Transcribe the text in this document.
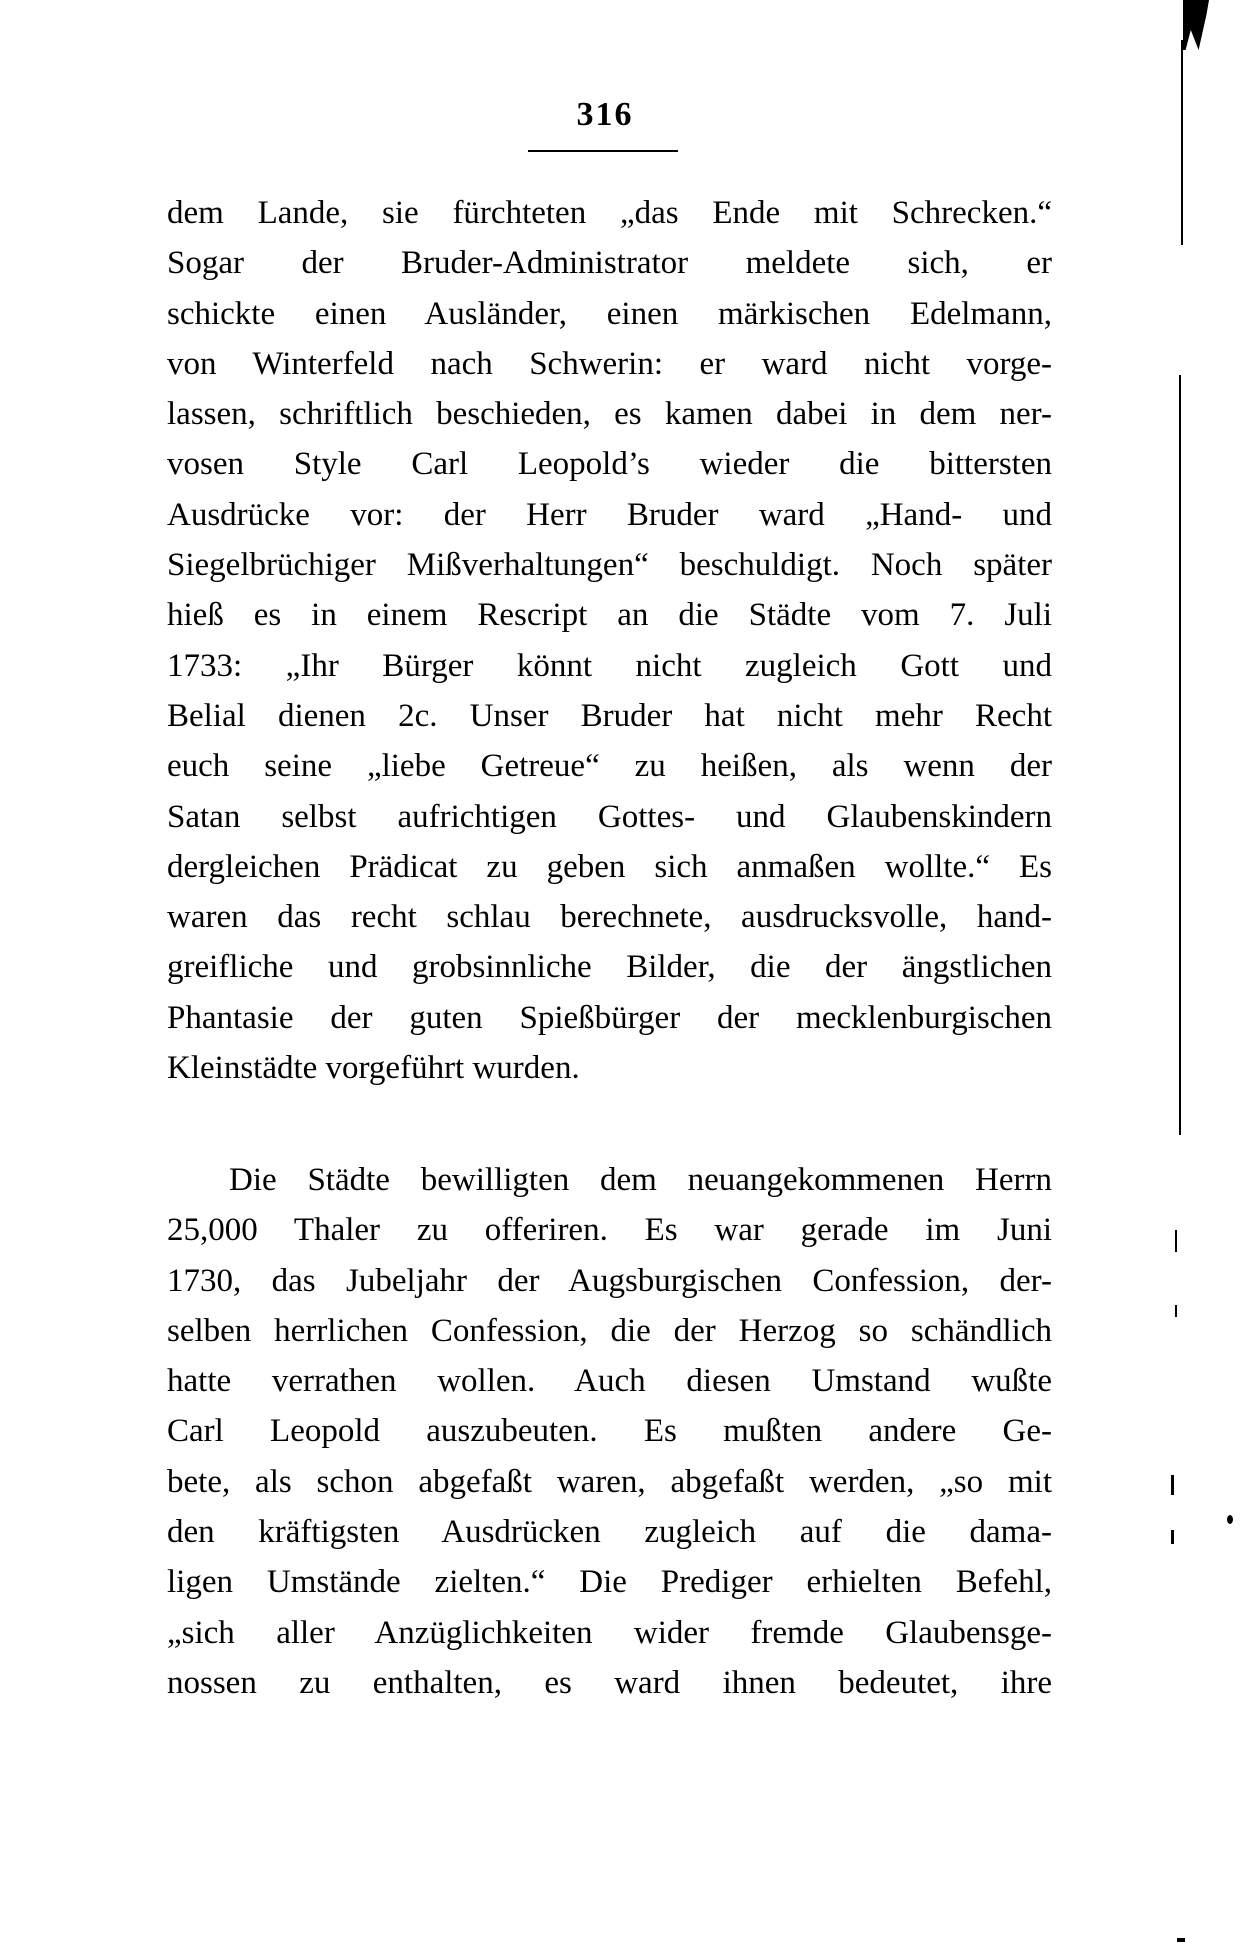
316
dem Lande, sie fürchteten „das Ende mit Schrecken.“
Sogar der Bruder-Administrator meldete sich, er
schickte einen Ausländer, einen märkischen Edelmann,
von Winterfeld nach Schwerin: er ward nicht vorge-
lassen, schriftlich beschieden, es kamen dabei in dem ner-
vosen Style Carl Leopold’s wieder die bittersten
Ausdrücke vor: der Herr Bruder ward „Hand- und
Siegelbrüchiger Mißverhaltungen“ beschuldigt. Noch später
hieß es in einem Rescript an die Städte vom 7. Juli
1733: „Ihr Bürger könnt nicht zugleich Gott und
Belial dienen 2c. Unser Bruder hat nicht mehr Recht
euch seine „liebe Getreue“ zu heißen, als wenn der
Satan selbst aufrichtigen Gottes- und Glaubenskindern
dergleichen Prädicat zu geben sich anmaßen wollte.“ Es
waren das recht schlau berechnete, ausdrucksvolle, hand-
greifliche und grobsinnliche Bilder, die der ängstlichen
Phantasie der guten Spießbürger der mecklenburgischen
Kleinstädte vorgeführt wurden.
Die Städte bewilligten dem neuangekommenen Herrn
25,000 Thaler zu offeriren. Es war gerade im Juni
1730, das Jubeljahr der Augsburgischen Confession, der-
selben herrlichen Confession, die der Herzog so schändlich
hatte verrathen wollen. Auch diesen Umstand wußte
Carl Leopold auszubeuten. Es mußten andere Ge-
bete, als schon abgefaßt waren, abgefaßt werden, „so mit
den kräftigsten Ausdrücken zugleich auf die dama-
ligen Umstände zielten.“ Die Prediger erhielten Befehl,
„sich aller Anzüglichkeiten wider fremde Glaubensge-
nossen zu enthalten, es ward ihnen bedeutet, ihre
